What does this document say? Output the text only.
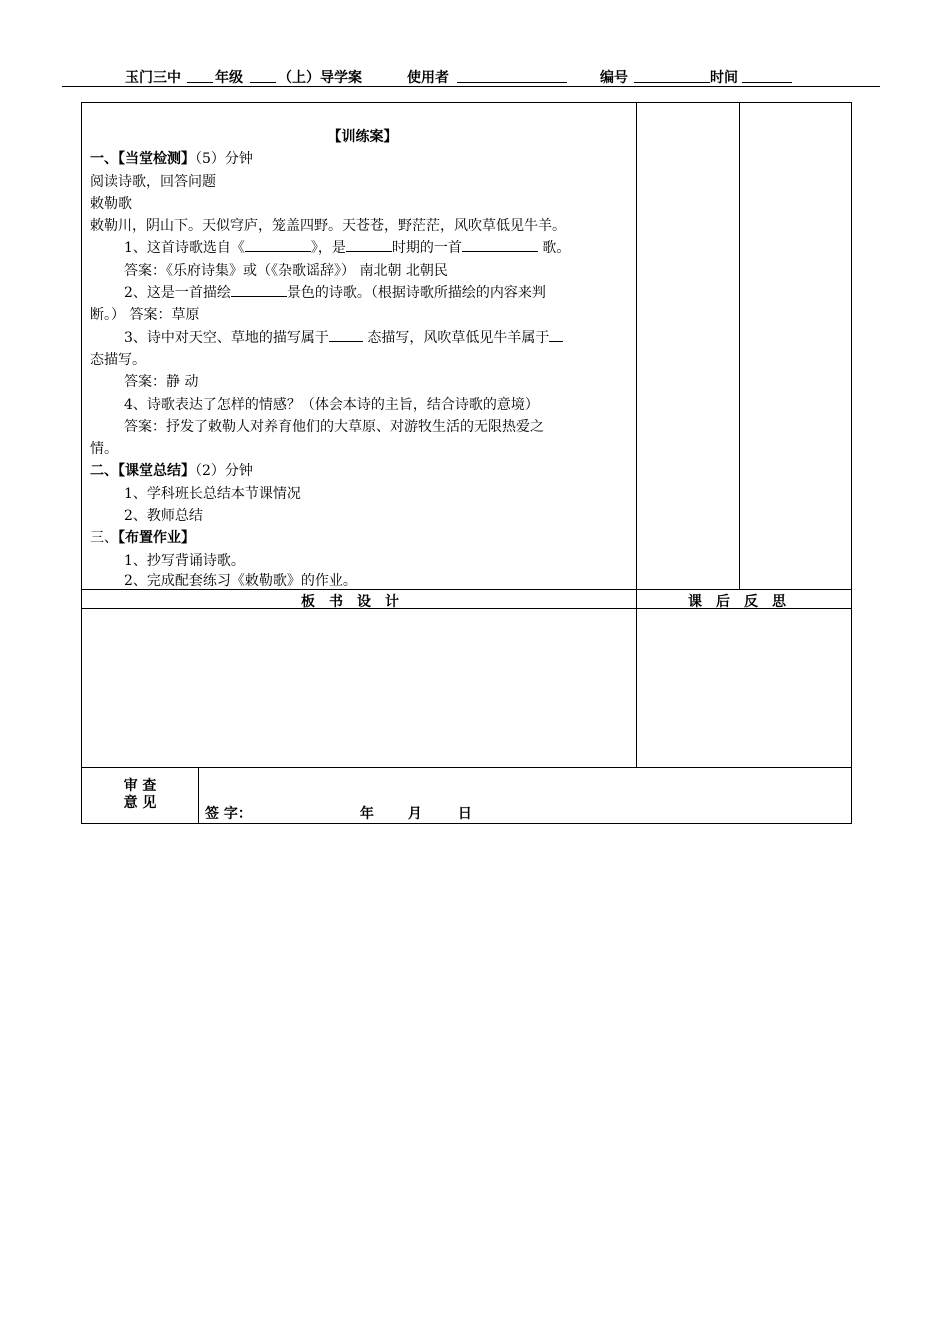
玉门三中 年级	（上）导学案	使用者	编号	时间

【训练案】

一、【当堂检测】（5）分钟

阅读诗歌，回答问题

敕勒歌

敕勒川，阴山下。天似穹庐，笼盖四野。天苍苍，野茫茫，风吹草低见牛羊。

1、这首诗歌选自《	》，是	时期的一首	歌。

答案：《乐府诗集》或（《杂歌谣辞》） 南北朝 北朝民

2、这是一首描绘	景色的诗歌。（根据诗歌所描绘的内容来判

断。） 答案：草原

3、诗中对天空、草地的描写属于 态描写，风吹草低见牛羊属于

态描写。

答案：静 动

4、诗歌表达了怎样的情感？（体会本诗的主旨，结合诗歌的意境）

答案：抒发了敕勒人对养育他们的大草原、对游牧生活的无限热爱之

情。

二、【课堂总结】（2）分钟

1、学科班长总结本节课情况

2、教师总结

三、【布置作业】

1、抄写背诵诗歌。

2、完成配套练习《敕勒歌》的作业。

板书设计	课后反思
审 查
意 见
签 字：	年 月	日
